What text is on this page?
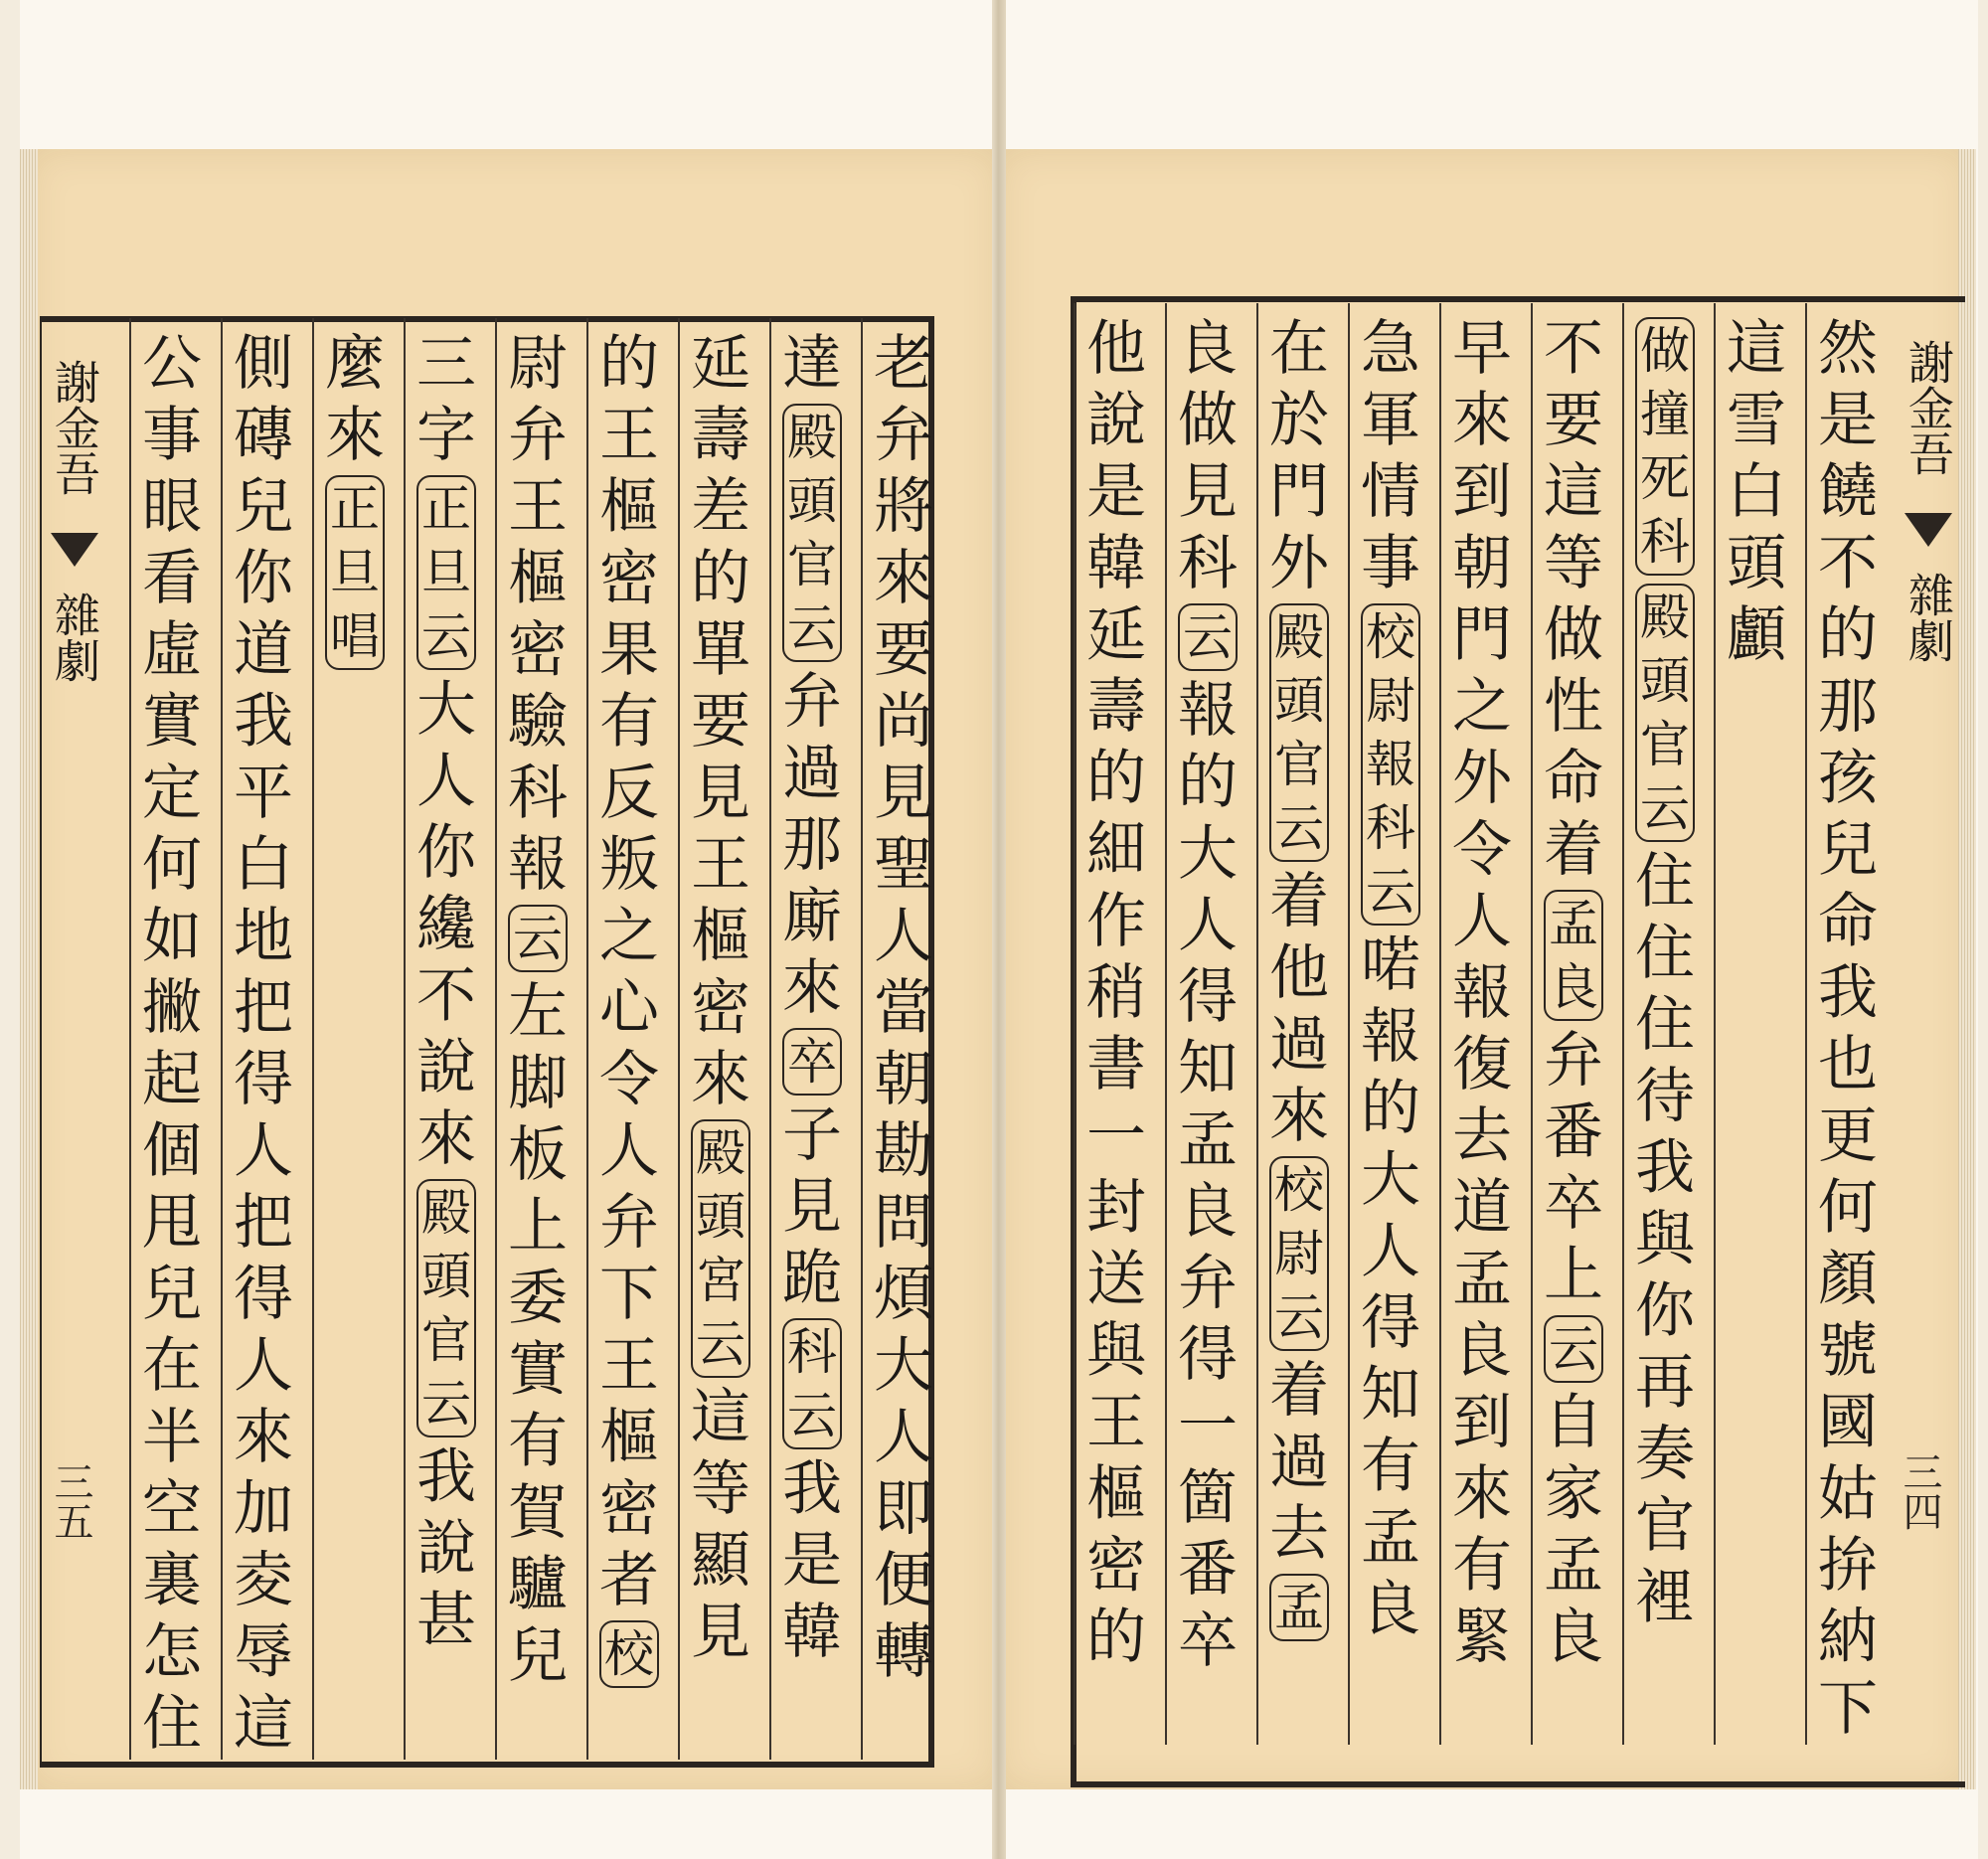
謝金吾
雜劇
三五
謝金吾
雜劇
三四
老
弁
將
來
要
尚
見
聖
人
當
朝
勘
問
煩
大
人
即
便
轉
達
殿
頭
官
云
弁
過
那
廝
來
卒
子
見
跪
科
云
我
是
韓
延
壽
差
的
單
要
見
王
樞
密
來
殿
頭
宮
云
這
等
顯
見
的
王
樞
密
果
有
反
叛
之
心
令
人
弁
下
王
樞
密
者
校
尉
弁
王
樞
密
驗
科
報
云
左
脚
板
上
委
實
有
賀
驢
兒
三
字
正
旦
云
大
人
你
纔
不
說
來
殿
頭
官
云
我
說
甚
麼
來
正
旦
唱
側
磚
兒
你
道
我
平
白
地
把
得
人
把
得
人
來
加
夌
辱
這
公
事
眼
看
虛
實
定
何
如
撇
起
個
甩
兒
在
半
空
裏
怎
住
然
是
饒
不
的
那
孩
兒
命
我
也
更
何
顏
號
國
姑
拚
納
下
這
雪
白
頭
顱
做
撞
死
科
殿
頭
官
云
住
住
住
待
我
與
你
再
奏
官
裡
不
要
這
等
做
性
命
着
孟
良
弁
番
卒
上
云
自
家
孟
良
早
來
到
朝
門
之
外
令
人
報
復
去
道
孟
良
到
來
有
緊
急
軍
情
事
校
尉
報
科
云
喏
報
的
大
人
得
知
有
孟
良
在
於
門
外
殿
頭
官
云
着
他
過
來
校
尉
云
着
過
去
孟
良
做
見
科
云
報
的
大
人
得
知
孟
良
弁
得
一
箇
番
卒
他
說
是
韓
延
壽
的
細
作
稍
書
一
封
送
與
王
樞
密
的
